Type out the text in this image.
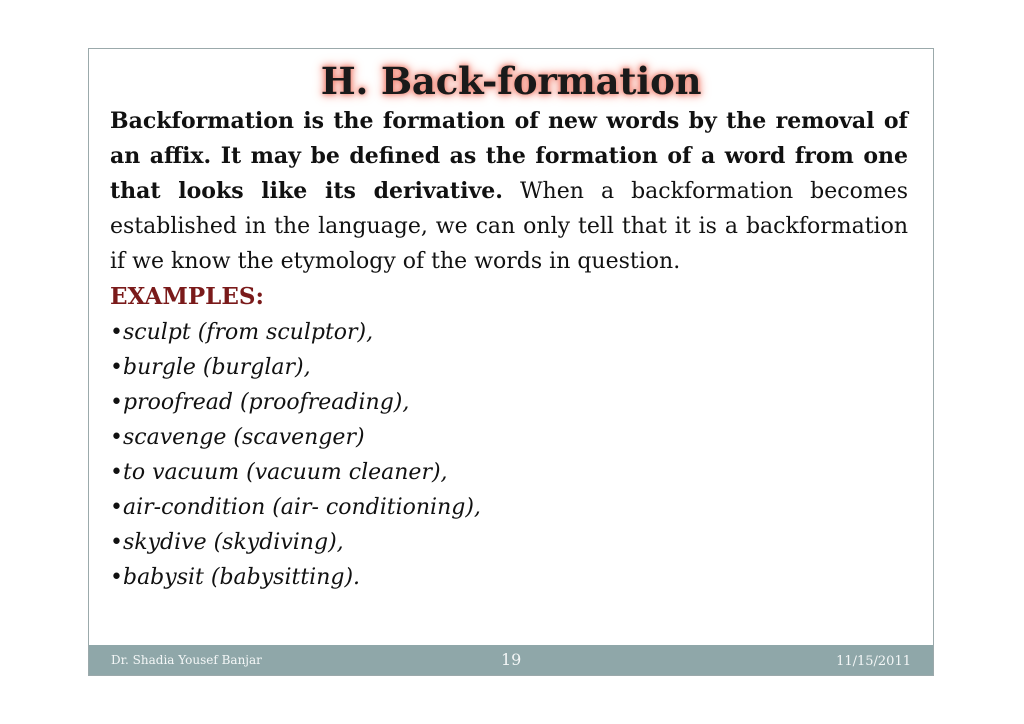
H. Back-formation

Backformation is the formation of new words by the removal of an affix. It may be defined as the formation of a word from one that looks like its derivative. When a backformation becomes established in the language, we can only tell that it is a backformation if we know the etymology of the words in question.

EXAMPLES:

•sculpt (from sculptor),
•burgle (burglar),
•proofread (proofreading),
•scavenge (scavenger)
•to vacuum (vacuum cleaner),
•air-condition (air- conditioning),
•skydive (skydiving),
•babysit (babysitting).
Dr. Shadia Yousef Banjar	19	11/15/2011
